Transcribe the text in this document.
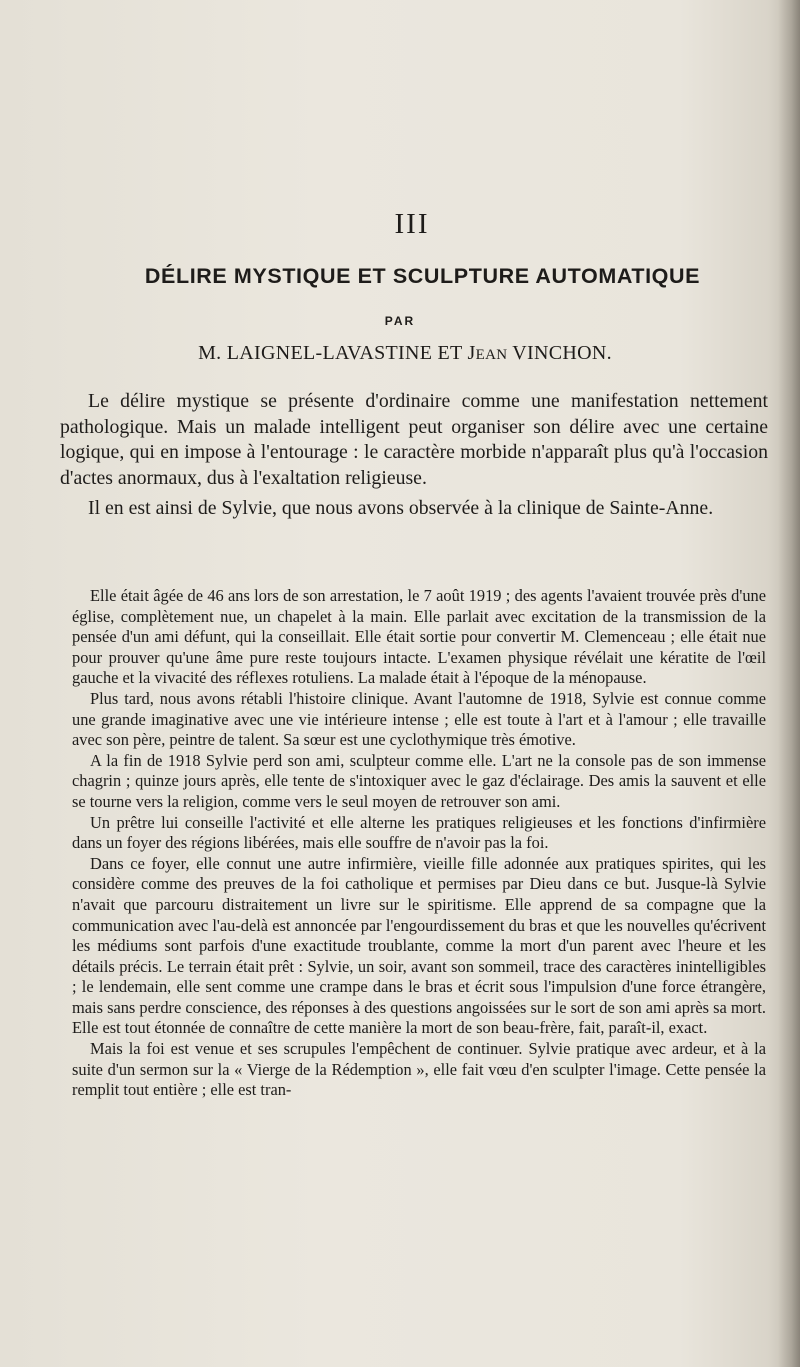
III
DÉLIRE MYSTIQUE ET SCULPTURE AUTOMATIQUE
PAR
M. LAIGNEL-LAVASTINE ET JEAN VINCHON.

Le délire mystique se présente d'ordinaire comme une manifestation nettement pathologique. Mais un malade intelligent peut organiser son délire avec une certaine logique, qui en impose à l'entourage : le caractère morbide n'apparaît plus qu'à l'occasion d'actes anormaux, dus à l'exaltation religieuse.

Il en est ainsi de Sylvie, que nous avons observée à la clinique de Sainte-Anne.

Elle était âgée de 46 ans lors de son arrestation, le 7 août 1919 ; des agents l'avaient trouvée près d'une église, complètement nue, un chapelet à la main. Elle parlait avec excitation de la transmission de la pensée d'un ami défunt, qui la conseillait. Elle était sortie pour convertir M. Clemenceau ; elle était nue pour prouver qu'une âme pure reste toujours intacte. L'examen physique révélait une kératite de l'œil gauche et la vivacité des réflexes rotuliens. La malade était à l'époque de la ménopause.

Plus tard, nous avons rétabli l'histoire clinique. Avant l'automne de 1918, Sylvie est connue comme une grande imaginative avec une vie intérieure intense ; elle est toute à l'art et à l'amour ; elle travaille avec son père, peintre de talent. Sa sœur est une cyclothymique très émotive.

A la fin de 1918 Sylvie perd son ami, sculpteur comme elle. L'art ne la console pas de son immense chagrin ; quinze jours après, elle tente de s'intoxiquer avec le gaz d'éclairage. Des amis la sauvent et elle se tourne vers la religion, comme vers le seul moyen de retrouver son ami.

Un prêtre lui conseille l'activité et elle alterne les pratiques religieuses et les fonctions d'infirmière dans un foyer des régions libérées, mais elle souffre de n'avoir pas la foi.

Dans ce foyer, elle connut une autre infirmière, vieille fille adonnée aux pratiques spirites, qui les considère comme des preuves de la foi catholique et permises par Dieu dans ce but. Jusque-là Sylvie n'avait que parcouru distraitement un livre sur le spiritisme. Elle apprend de sa compagne que la communication avec l'au-delà est annoncée par l'engourdissement du bras et que les nouvelles qu'écrivent les médiums sont parfois d'une exactitude troublante, comme la mort d'un parent avec l'heure et les détails précis. Le terrain était prêt : Sylvie, un soir, avant son sommeil, trace des caractères inintelligibles ; le lendemain, elle sent comme une crampe dans le bras et écrit sous l'impulsion d'une force étrangère, mais sans perdre conscience, des réponses à des questions angoissées sur le sort de son ami après sa mort. Elle est tout étonnée de connaître de cette manière la mort de son beau-frère, fait, paraît-il, exact.

Mais la foi est venue et ses scrupules l'empêchent de continuer. Sylvie pratique avec ardeur, et à la suite d'un sermon sur la « Vierge de la Rédemption », elle fait vœu d'en sculpter l'image. Cette pensée la remplit tout entière ; elle est tran-
